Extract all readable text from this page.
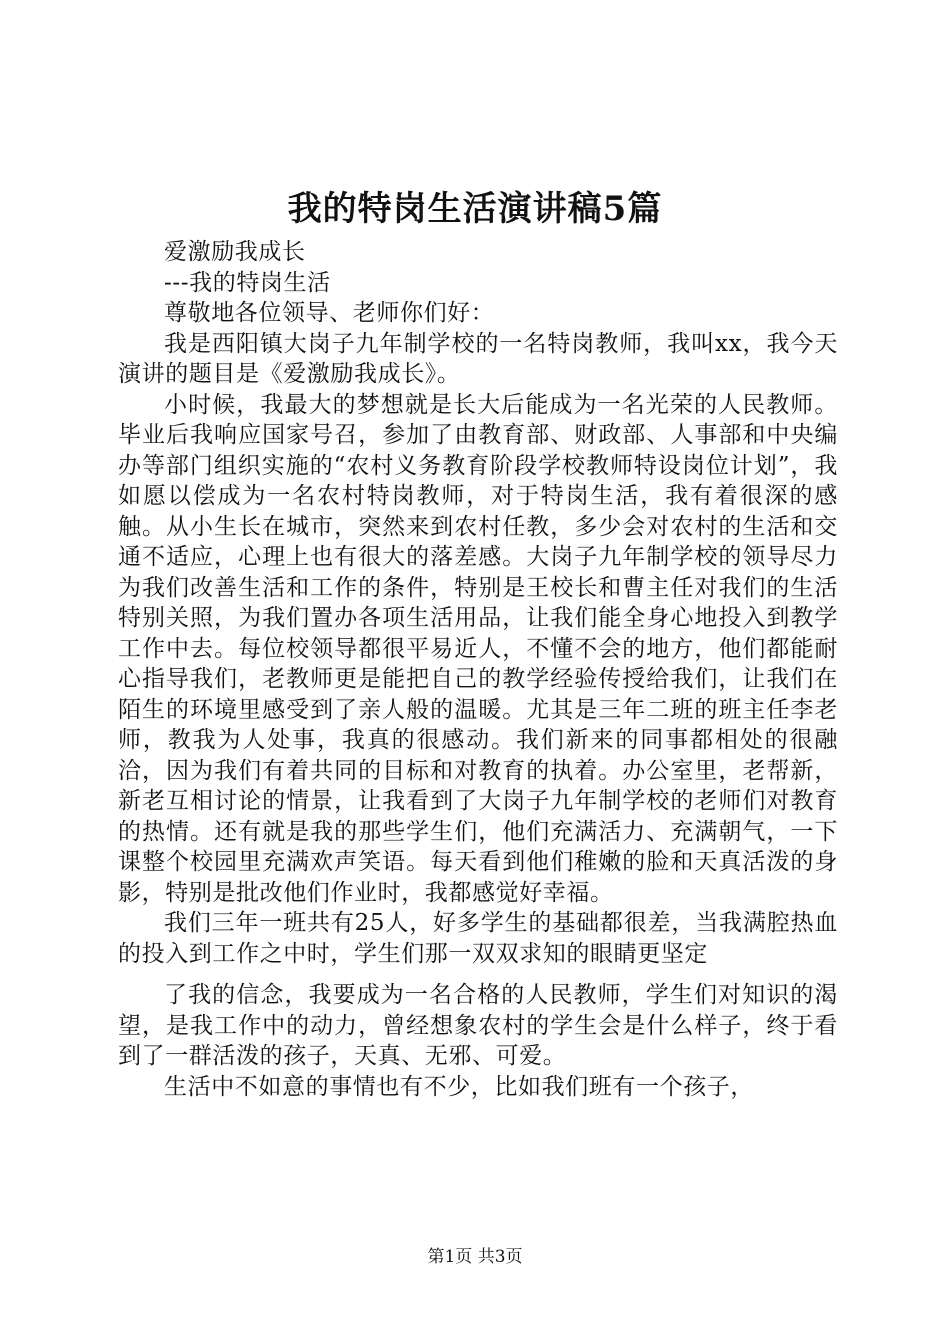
我的特岗生活演讲稿5篇

爱激励我成长

---我的特岗生活

尊敬地各位领导、老师你们好：

我是西阳镇大岗子九年制学校的一名特岗教师，我叫xx，我今天演讲的题目是《爱激励我成长》。

小时候，我最大的梦想就是长大后能成为一名光荣的人民教师。毕业后我响应国家号召，参加了由教育部、财政部、人事部和中央编办等部门组织实施的“农村义务教育阶段学校教师特设岗位计划”，我如愿以偿成为一名农村特岗教师，对于特岗生活，我有着很深的感触。从小生长在城市，突然来到农村任教，多少会对农村的生活和交通不适应，心理上也有很大的落差感。大岗子九年制学校的领导尽力为我们改善生活和工作的条件，特别是王校长和曹主任对我们的生活特别关照，为我们置办各项生活用品，让我们能全身心地投入到教学工作中去。每位校领导都很平易近人，不懂不会的地方，他们都能耐心指导我们，老教师更是能把自己的教学经验传授给我们，让我们在陌生的环境里感受到了亲人般的温暖。尤其是三年二班的班主任李老师，教我为人处事，我真的很感动。我们新来的同事都相处的很融洽，因为我们有着共同的目标和对教育的执着。办公室里，老帮新，新老互相讨论的情景，让我看到了大岗子九年制学校的老师们对教育的热情。还有就是我的那些学生们，他们充满活力、充满朝气，一下课整个校园里充满欢声笑语。每天看到他们稚嫩的脸和天真活泼的身影，特别是批改他们作业时，我都感觉好幸福。

我们三年一班共有25人，好多学生的基础都很差，当我满腔热血的投入到工作之中时，学生们那一双双求知的眼睛更坚定

了我的信念，我要成为一名合格的人民教师，学生们对知识的渴望，是我工作中的动力，曾经想象农村的学生会是什么样子，终于看到了一群活泼的孩子，天真、无邪、可爱。

生活中不如意的事情也有不少，比如我们班有一个孩子，

第1页 共3页
